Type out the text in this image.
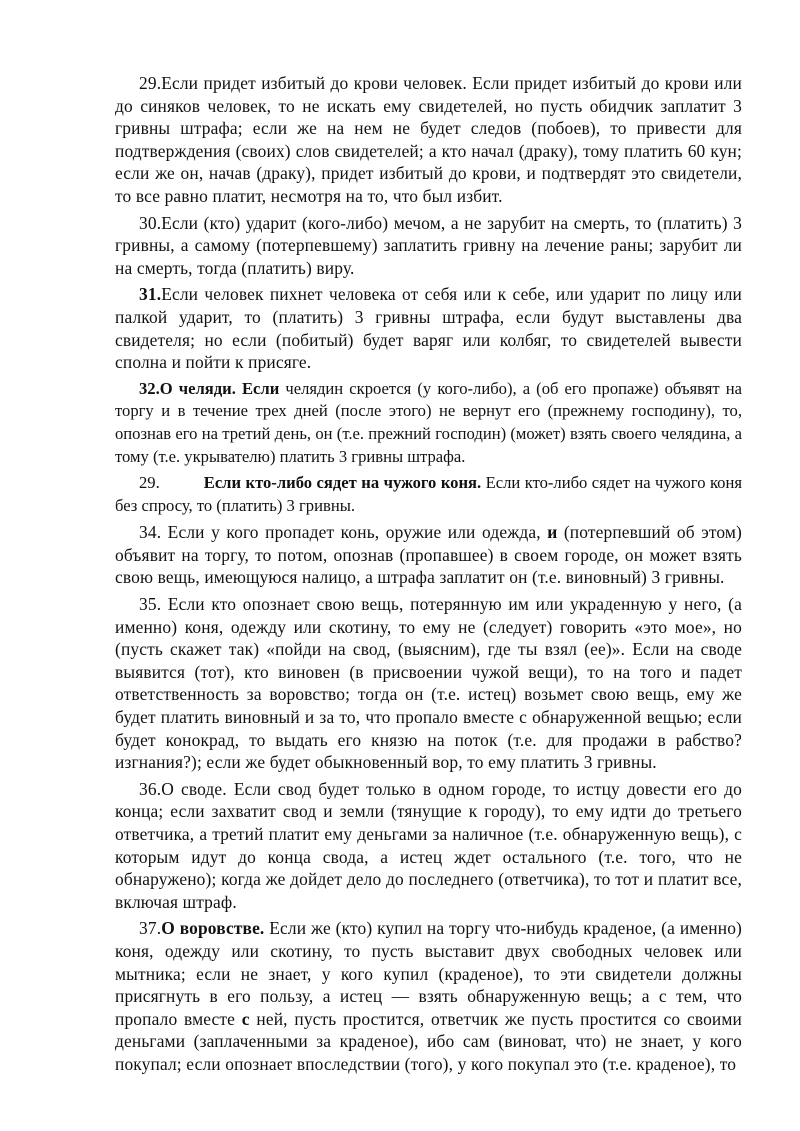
29.Если придет избитый до крови человек. Если придет избитый до крови или до синяков человек, то не искать ему свидетелей, но пусть обидчик заплатит 3 гривны штрафа; если же на нем не будет следов (побоев), то привести для подтверждения (своих) слов свидетелей; а кто начал (драку), тому платить 60 кун; если же он, начав (драку), придет избитый до крови, и подтвердят это свидетели, то все равно платит, несмотря на то, что был избит.

30.Если (кто) ударит (кого-либо) мечом, а не зарубит на смерть, то (платить) 3 гривны, а самому (потерпевшему) заплатить гривну на лечение раны; зарубит ли на смерть, тогда (платить) виру.

31.Если человек пихнет человека от себя или к себе, или ударит по лицу или палкой ударит, то (платить) 3 гривны штрафа, если будут выставлены два свидетеля; но если (побитый) будет варяг или колбяг, то свидетелей вывести сполна и пойти к присяге.

32.О челяди. Если челядин скроется (у кого-либо), а (об его пропаже) объявят на торгу и в течение трех дней (после этого) не вернут его (прежнему господину), то, опознав его на третий день, он (т.е. прежний господин) (может) взять своего челядина, а тому (т.е. укрывателю) платить 3 гривны штрафа.

29.	Если кто-либо сядет на чужого коня. Если кто-либо сядет на чужого коня без спросу, то (платить) 3 гривны.

34. Если у кого пропадет конь, оружие или одежда, и (потерпевший об этом) объявит на торгу, то потом, опознав (пропавшее) в своем городе, он может взять свою вещь, имеющуюся налицо, а штрафа заплатит он (т.е. виновный) 3 гривны.

35. Если кто опознает свою вещь, потерянную им или украденную у него, (а именно) коня, одежду или скотину, то ему не (следует) говорить «это мое», но (пусть скажет так) «пойди на свод, (выясним), где ты взял (ее)». Если на своде выявится (тот), кто виновен (в присвоении чужой вещи), то на того и падет ответственность за воровство; тогда он (т.е. истец) возьмет свою вещь, ему же будет платить виновный и за то, что пропало вместе с обнаруженной вещью; если будет конокрад, то выдать его князю на поток (т.е. для продажи в рабство? изгнания?); если же будет обыкновенный вор, то ему платить 3 гривны.

36.О своде. Если свод будет только в одном городе, то истцу довести его до конца; если захватит свод и земли (тянущие к городу), то ему идти до третьего ответчика, а третий платит ему деньгами за наличное (т.е. обнаруженную вещь), с которым идут до конца свода, а истец ждет остального (т.е. того, что не обнаружено); когда же дойдет дело до последнего (ответчика), то тот и платит все, включая штраф.

37.О воровстве. Если же (кто) купил на торгу что-нибудь краденое, (а именно) коня, одежду или скотину, то пусть выставит двух свободных человек или мытника; если не знает, у кого купил (краденое), то эти свидетели должны присягнуть в его пользу, а истец — взять обнаруженную вещь; а с тем, что пропало вместе с ней, пусть простится, ответчик же пусть простится со своими деньгами (заплаченными за краденое), ибо сам (виноват, что) не знает, у кого покупал; если опознает впоследствии (того), у кого покупал это (т.е. краденое), то
